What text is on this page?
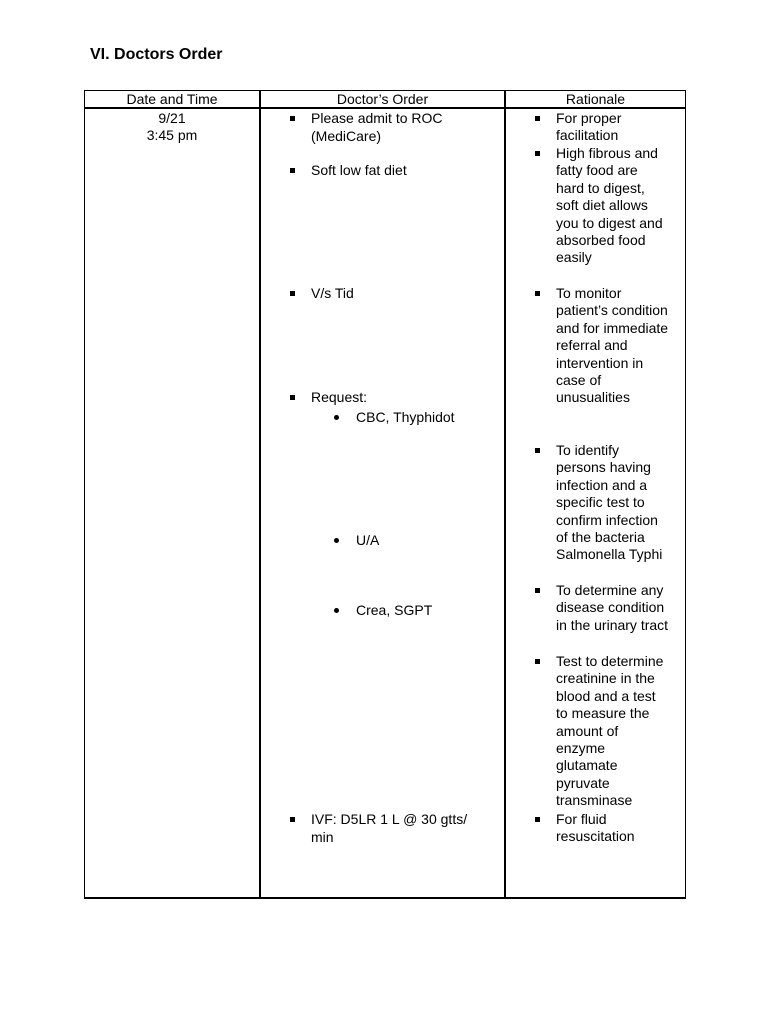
VI. Doctors Order
Date and Time	Doctor’s Order	Rationale
9/21
3:45 pm
Please admit to ROC
(MediCare)
Soft low fat diet
V/s Tid
Request:
CBC, Thyphidot
U/A
Crea, SGPT
IVF: D5LR 1 L @ 30 gtts/
min
For proper
facilitation
High fibrous and
fatty food are
hard to digest,
soft diet allows
you to digest and
absorbed food
easily
To monitor
patient’s condition
and for immediate
referral and
intervention in
case of
unusualities
To identify
persons having
infection and a
specific test to
confirm infection
of the bacteria
Salmonella Typhi
To determine any
disease condition
in the urinary tract
Test to determine
creatinine in the
blood and a test
to measure the
amount of
enzyme
glutamate
pyruvate
transminase
For fluid
resuscitation
